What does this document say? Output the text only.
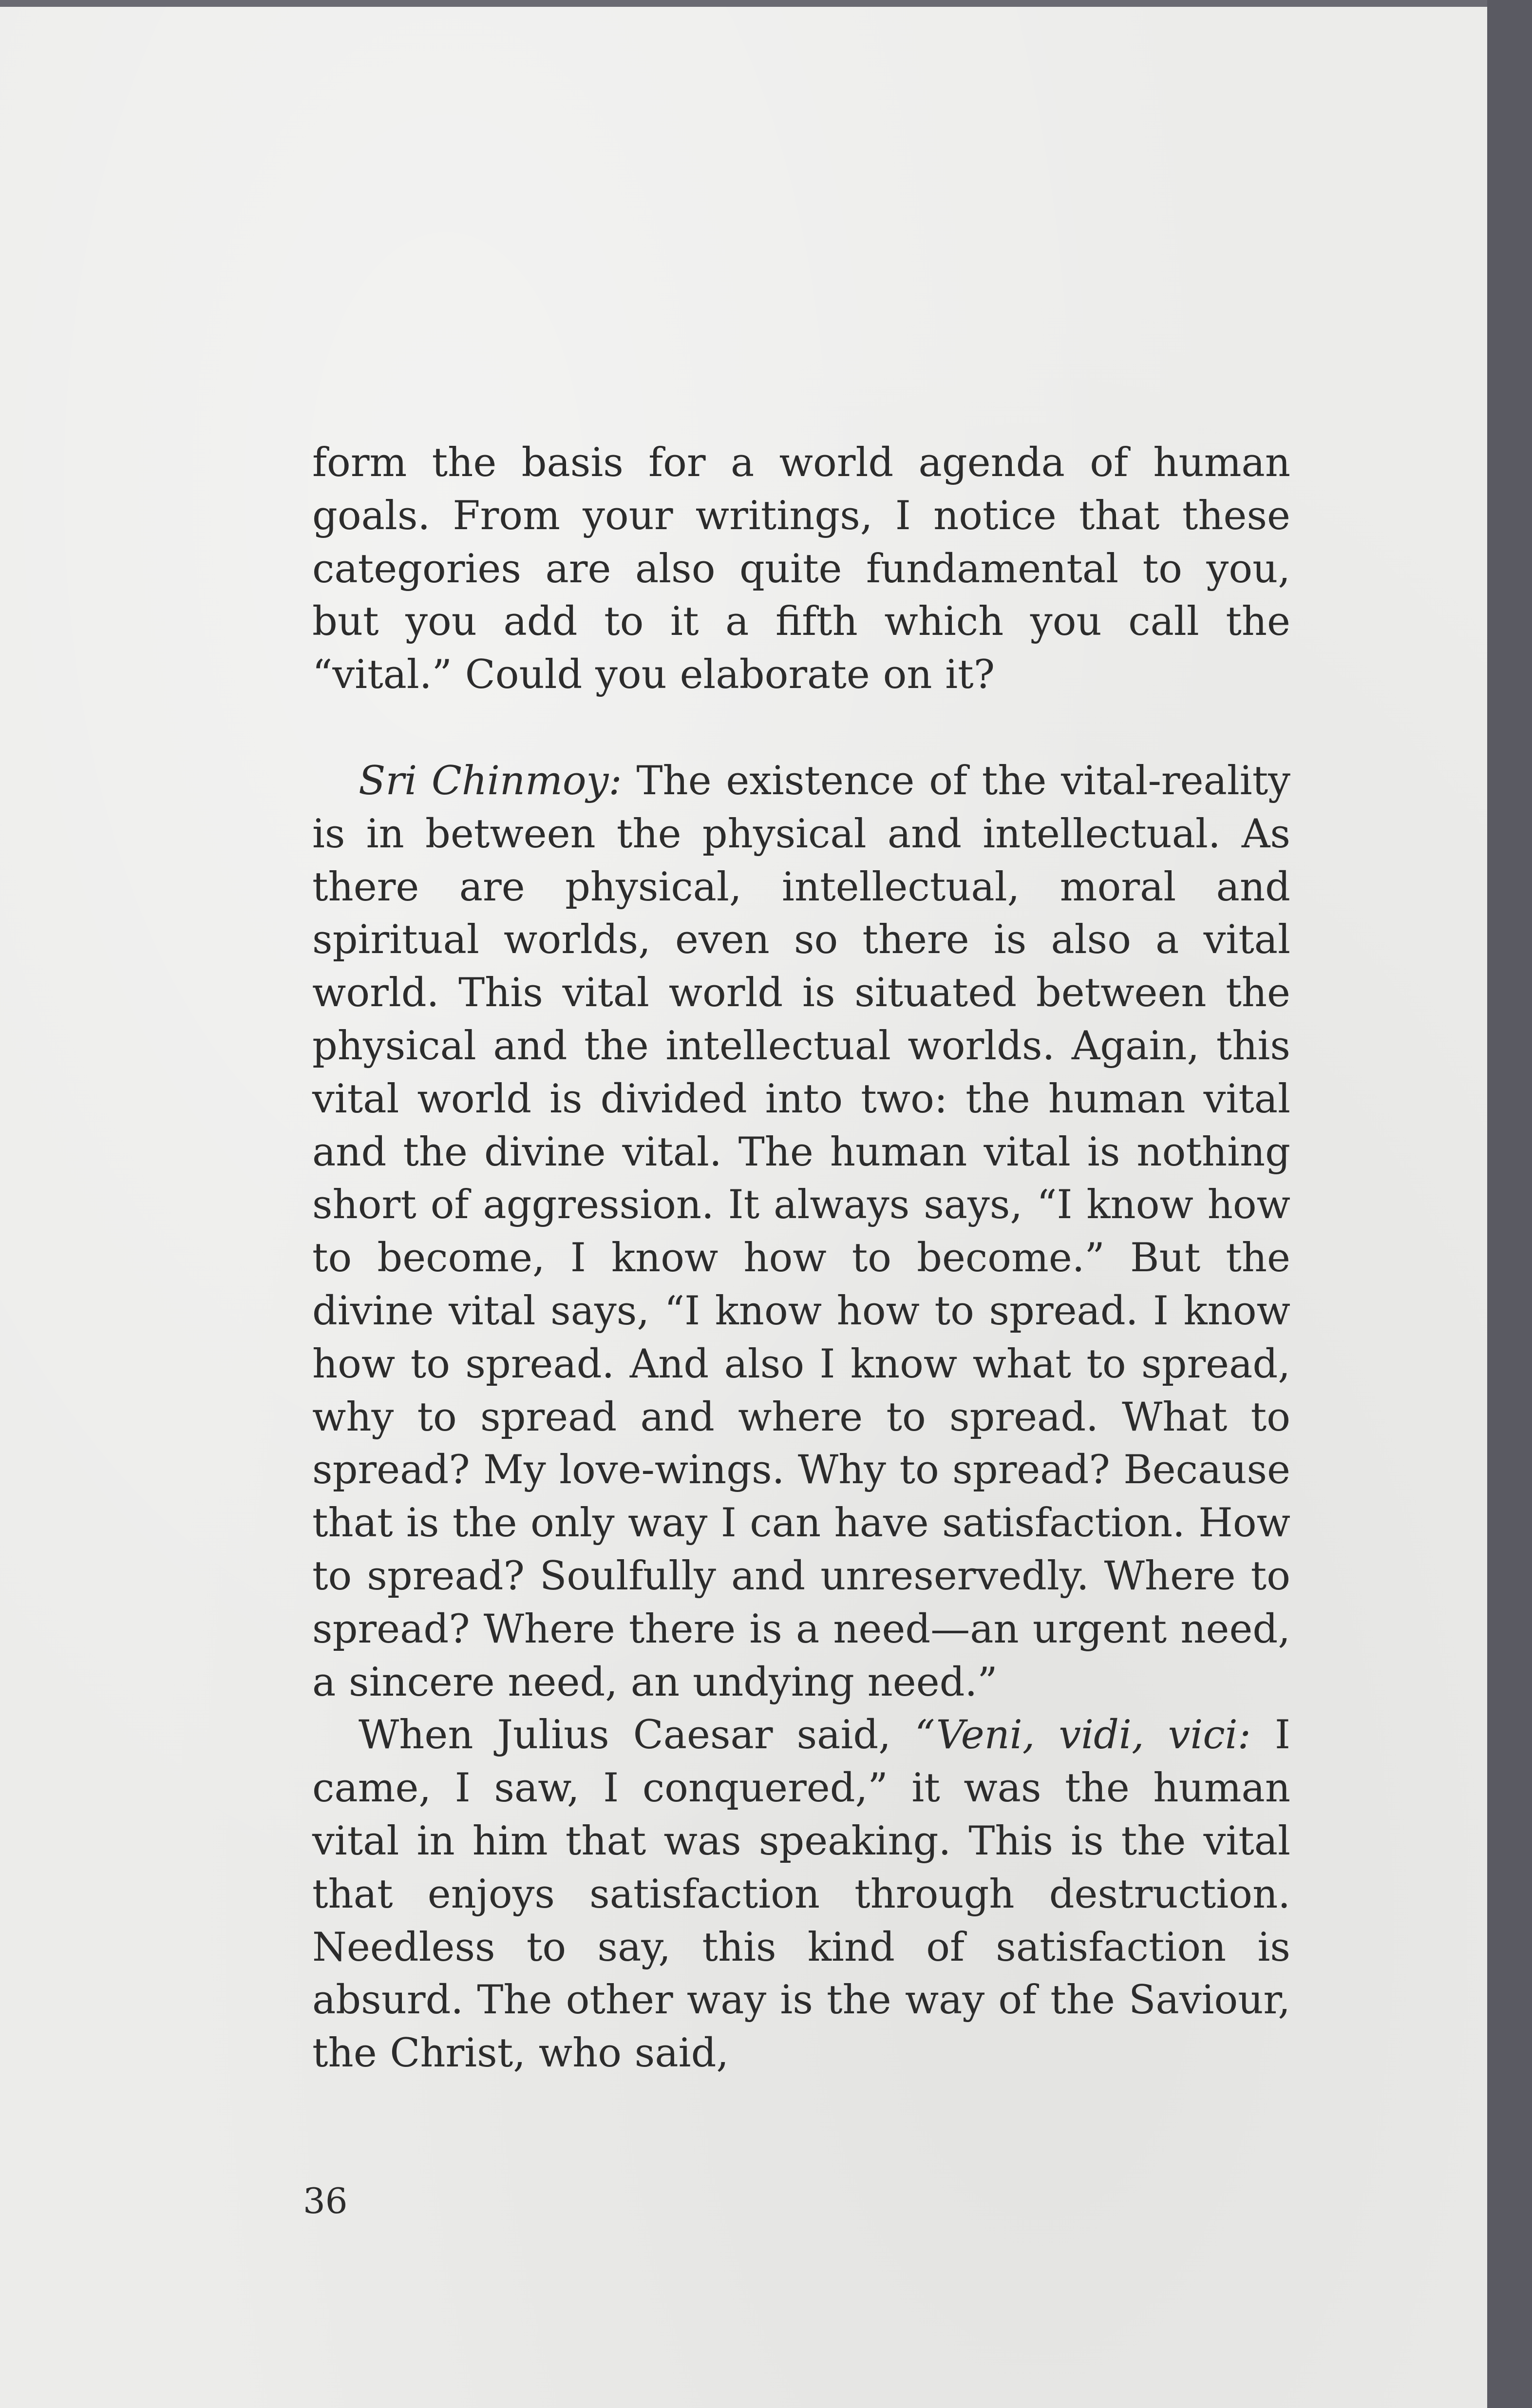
form the basis for a world agenda of human goals. From your writings, I notice that these categories are also quite fundamental to you, but you add to it a fifth which you call the “vital.” Could you elaborate on it?

Sri Chinmoy: The existence of the vital-reality is in between the physical and intellectual. As there are physical, intellectual, moral and spiritual worlds, even so there is also a vital world. This vital world is situated between the physical and the intellectual worlds. Again, this vital world is divided into two: the human vital and the divine vital. The human vital is nothing short of aggression. It always says, “I know how to become, I know how to become.” But the divine vital says, “I know how to spread. I know how to spread. And also I know what to spread, why to spread and where to spread. What to spread? My love-wings. Why to spread? Because that is the only way I can have satisfaction. How to spread? Soulfully and unreservedly. Where to spread? Where there is a need—an urgent need, a sincere need, an undying need.”

When Julius Caesar said, “Veni, vidi, vici: I came, I saw, I conquered,” it was the human vital in him that was speaking. This is the vital that enjoys satisfaction through destruction. Needless to say, this kind of satisfaction is absurd. The other way is the way of the Saviour, the Christ, who said,

36
